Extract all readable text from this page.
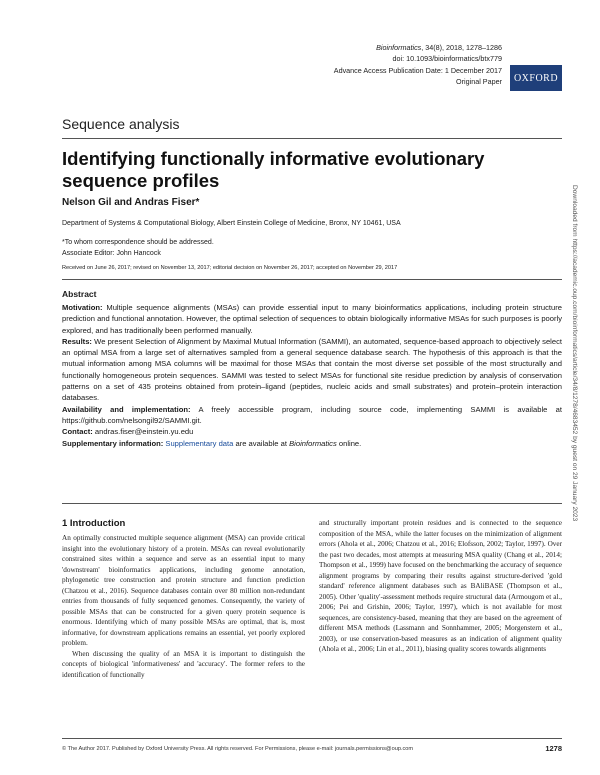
Bioinformatics, 34(8), 2018, 1278–1286
doi: 10.1093/bioinformatics/btx779
Advance Access Publication Date: 1 December 2017
Original Paper	OXFORD
Sequence analysis
Identifying functionally informative evolutionary sequence profiles
Nelson Gil and Andras Fiser*
Department of Systems & Computational Biology, Albert Einstein College of Medicine, Bronx, NY 10461, USA
*To whom correspondence should be addressed.
Associate Editor: John Hancock
Received on June 26, 2017; revised on November 13, 2017; editorial decision on November 26, 2017; accepted on November 29, 2017
Abstract

Motivation: Multiple sequence alignments (MSAs) can provide essential input to many bioinformatics applications, including protein structure prediction and functional annotation. However, the optimal selection of sequences to obtain biologically informative MSAs for such purposes is poorly explored, and has traditionally been performed manually.

Results: We present Selection of Alignment by Maximal Mutual Information (SAMMI), an automated, sequence-based approach to objectively select an optimal MSA from a large set of alternatives sampled from a general sequence database search. The hypothesis of this approach is that the mutual information among MSA columns will be maximal for those MSAs that contain the most diverse set possible of the most structurally and functionally homogeneous protein sequences. SAMMI was tested to select MSAs for functional site residue prediction by analysis of conservation patterns on a set of 435 proteins obtained from protein–ligand (peptides, nucleic acids and small substrates) and protein–protein interaction databases.

Availability and implementation: A freely accessible program, including source code, implementing SAMMI is available at https://github.com/nelsongil92/SAMMI.git.

Contact: andras.fiser@einstein.yu.edu

Supplementary information: Supplementary data are available at Bioinformatics online.

1 Introduction

An optimally constructed multiple sequence alignment (MSA) can provide critical insight into the evolutionary history of a protein. MSAs can reveal evolutionarily constrained sites within a sequence and serve as an essential input to many 'downstream' bioinformatics applications, including genome annotation, phylogenetic tree construction and protein structure and function prediction (Chatzou et al., 2016). Sequence databases contain over 80 million non-redundant entries from thousands of fully sequenced genomes. Consequently, the variety of possible MSAs that can be constructed for a given query protein sequence is enormous. Identifying which of many possible MSAs are optimal, that is, most informative, for downstream applications remains an essential, yet poorly explored problem.

When discussing the quality of an MSA it is important to distinguish the concepts of biological 'informativeness' and 'accuracy'. The former refers to the identification of functionally

and structurally important protein residues and is connected to the sequence composition of the MSA, while the latter focuses on the minimization of alignment errors (Ahola et al., 2006; Chatzou et al., 2016; Elofsson, 2002; Taylor, 1997). Over the past two decades, most attempts at measuring MSA quality (Chang et al., 2014; Thompson et al., 1999) have focused on the benchmarking the accuracy of sequence alignment programs by comparing their results against structure-derived 'gold standard' reference alignment databases such as BAliBASE (Thompson et al., 2005). Other 'quality'-assessment methods require structural data (Armougom et al., 2006; Pei and Grishin, 2006; Taylor, 1997), which is not available for most sequences, are consistency-based, meaning that they are based on the agreement of different MSA methods (Lassmann and Sonnhammer, 2005; Morgenstern et al., 2003), or use conservation-based measures as an indication of alignment quality (Ahola et al., 2006; Lin et al., 2011), biasing quality scores towards alignments

© The Author 2017. Published by Oxford University Press. All rights reserved. For Permissions, please e-mail: journals.permissions@oup.com	1278
Downloaded from https://academic.oup.com/bioinformatics/article/34/8/1278/4683452 by guest on 29 January 2023
